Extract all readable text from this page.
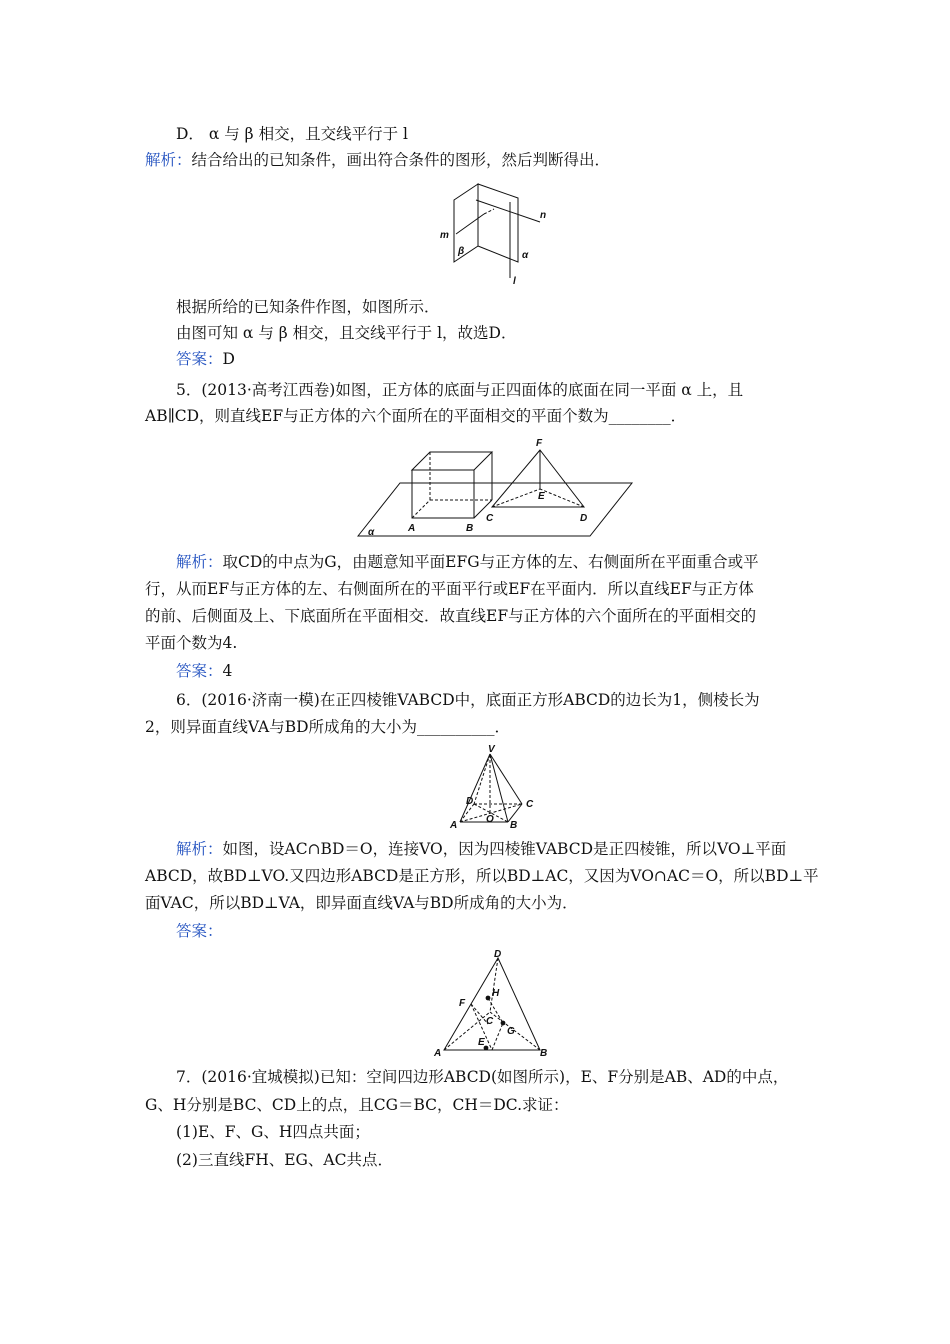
D． α 与 β 相交，且交线平行于 l
解析：结合给出的已知条件，画出符合条件的图形，然后判断得出．
m
n
β	α
l
根据所给的已知条件作图，如图所示．
由图可知 α 与 β 相交，且交线平行于 l，故选D．
答案：D
5．(2013·高考江西卷)如图，正方体的底面与正四面体的底面在同一平面 α 上，且
AB∥CD，则直线EF与正方体的六个面所在的平面相交的平面个数为________．
F
E
C	D
A	B
α
解析：取CD的中点为G，由题意知平面EFG与正方体的左、右侧面所在平面重合或平
行，从而EF与正方体的左、右侧面所在的平面平行或EF在平面内．所以直线EF与正方体
的前、后侧面及上、下底面所在平面相交．故直线EF与正方体的六个面所在的平面相交的
平面个数为4.
答案：4
6．(2016·济南一模)在正四棱锥VABCD中，底面正方形ABCD的边长为1，侧棱长为
2，则异面直线VA与BD所成角的大小为__________．
V
D	C
A
O
B
解析：如图，设AC∩BD＝O，连接VO，因为四棱锥VABCD是正四棱锥，所以VO⊥平面
ABCD，故BD⊥VO.又四边形ABCD是正方形，所以BD⊥AC，又因为VO∩AC＝O，所以BD⊥平
面VAC，所以BD⊥VA，即异面直线VA与BD所成角的大小为．
答案：
D
F
H
C
G
A
E
B
7．(2016·宜城模拟)已知：空间四边形ABCD(如图所示)，E、F分别是AB、AD的中点，
G、H分别是BC、CD上的点，且CG＝BC，CH＝DC.求证：
(1)E、F、G、H四点共面；
(2)三直线FH、EG、AC共点．
